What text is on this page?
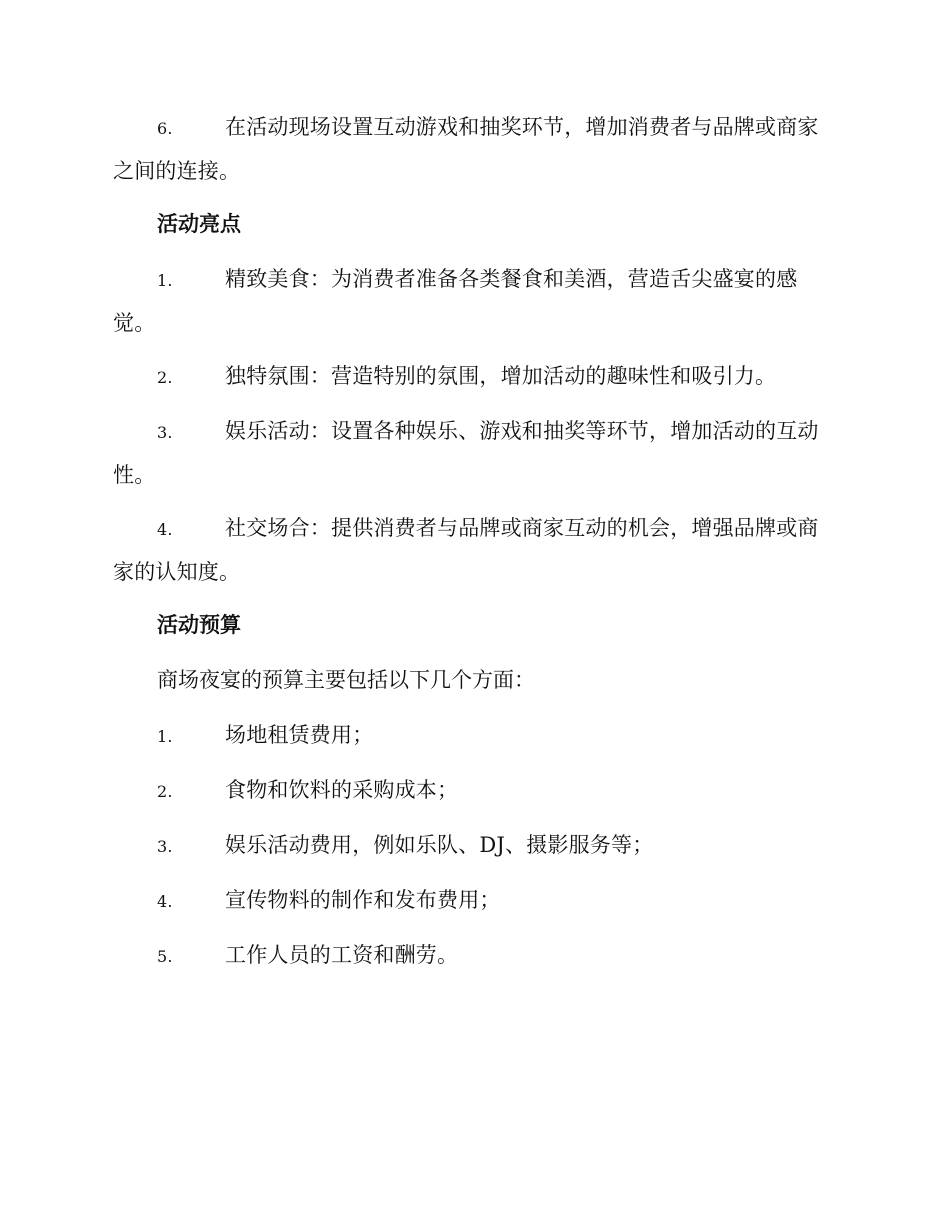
6. 在活动现场设置互动游戏和抽奖环节，增加消费者与品牌或商家之间的连接。
活动亮点
1. 精致美食：为消费者准备各类餐食和美酒，营造舌尖盛宴的感觉。
2. 独特氛围：营造特别的氛围，增加活动的趣味性和吸引力。
3. 娱乐活动：设置各种娱乐、游戏和抽奖等环节，增加活动的互动性。
4. 社交场合：提供消费者与品牌或商家互动的机会，增强品牌或商家的认知度。
活动预算
商场夜宴的预算主要包括以下几个方面：
1. 场地租赁费用；
2. 食物和饮料的采购成本；
3. 娱乐活动费用，例如乐队、DJ、摄影服务等；
4. 宣传物料的制作和发布费用；
5. 工作人员的工资和酬劳。
